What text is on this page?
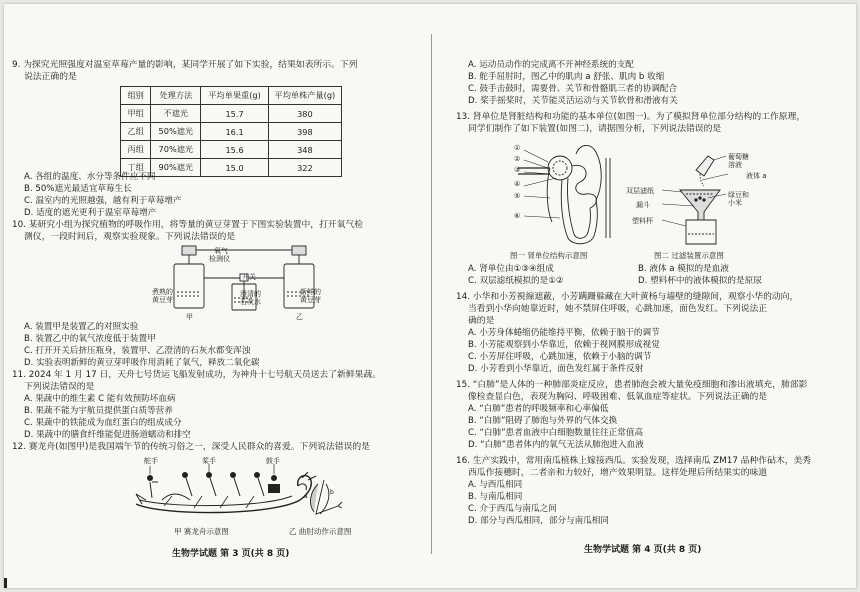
9. 为探究光照强度对温室草莓产量的影响，某同学开展了如下实验，结果如表所示。下列
说法正确的是
组别	处理方法	平均单果重(g)	平均单株产量(g)
甲组	不遮光	15.7	380
乙组	50%遮光	16.1	398
丙组	70%遮光	15.6	348
丁组	90%遮光	15.0	322
A. 各组的温度、水分等条件应不同
B. 50%遮光最适宜草莓生长
C. 温室内的光照越强，越有利于草莓增产
D. 适度的遮光更利于温室草莓增产
10. 某研究小组为探究植物的呼吸作用，将等量的黄豆芽置于下图实验装置中，打开氧气检
测仪，一段时间后，观察实验现象。下列说法错误的是
氧气
检测仪
开关
煮熟的
黄豆芽
新鲜的
黄豆芽
澄清的
石灰水
甲	乙
A. 装置甲是装置乙的对照实验
B. 装置乙中的氧气浓度低于装置甲
C. 打开开关后挤压瓶身，装置甲、乙澄清的石灰水都变浑浊
D. 实验表明新鲜的黄豆芽呼吸作用消耗了氧气，释放二氧化碳
11. 2024 年 1 月 17 日，天舟七号货运飞船发射成功，为神舟十七号航天员送去了新鲜果蔬。
下列说法错误的是
A. 果蔬中的维生素 C 能有效预防坏血病
B. 果蔬不能为宇航员提供蛋白质等营养
C. 果蔬中的铁能成为血红蛋白的组成成分
D. 果蔬中的膳食纤维能促进肠道蠕动和排空
12. 赛龙舟(如图甲)是我国端午节的传统习俗之一，深受人民群众的喜爱。下列说法错误的是
舵手	桨手	鼓手
a
b
甲 赛龙舟示意图	乙 曲肘动作示意图
生物学试题 第 3 页(共 8 页)
A. 运动员动作的完成离不开神经系统的支配
B. 舵手屈肘时，图乙中的肌肉 a 舒张、肌肉 b 收缩
C. 鼓手击鼓时，需要骨、关节和骨骼肌三者的协调配合
D. 桨手摇桨时，关节能灵活运动与关节软骨和滑液有关
13. 肾单位是肾脏结构和功能的基本单位(如图一)。为了模拟肾单位部分结构的工作原理，
同学们制作了如下装置(如图二)，请据图分析，下列说法错误的是
①
②
③
④
⑤
⑥
葡萄糖
溶液
液体 a
绿豆和
小米
双层滤纸
漏斗
塑料杯
图一 肾单位结构示意图	图二 过滤装置示意图
A. 肾单位由①③④组成	B. 液体 a 模拟的是血液
C. 双层滤纸模拟的是①②	D. 塑料杯中的液体模拟的是原尿
14. 小华和小芳視線遮蔽，小芳蹒跚躲藏在大叶黄杨与墙壁的缝隙间，观察小华的动向，
当看到小华向她靠近时，她不禁屏住呼吸，心跳加速，面色发红。下列说法正
确的是
A. 小芳身体蜷缩仍能维持平衡，依赖于脑干的调节
B. 小芳能观察到小华靠近，依赖于视网膜形成视觉
C. 小芳屏住呼吸，心跳加速，依赖于小脑的调节
D. 小芳看到小华靠近，面色发红属于条件反射
15. “白肺”是人体的一种肺部炎症反应，患者肺泡会被大量免疫细胞和渗出液填充，肺部影
像检查显白色，表现为胸闷、呼吸困难、低氧血症等症状。下列说法正确的是
A. “白肺”患者的呼吸频率和心率偏低
B. “白肺”阻碍了肺泡与外界的气体交换
C. “白肺”患者血液中白细胞数量往往正常值高
D. “白肺”患者体内的氧气无法从肺泡进入血液
16. 生产实践中，常用南瓜植株上嫁接西瓜。实验发现，选择南瓜 ZM17 品种作砧木，美秀
西瓜作接穗时，二者亲和力较好，增产效果明显。这样处理后所结果实的味道
A. 与西瓜相同
B. 与南瓜相同
C. 介于西瓜与南瓜之间
D. 部分与西瓜相同，部分与南瓜相同
生物学试题 第 4 页(共 8 页)
